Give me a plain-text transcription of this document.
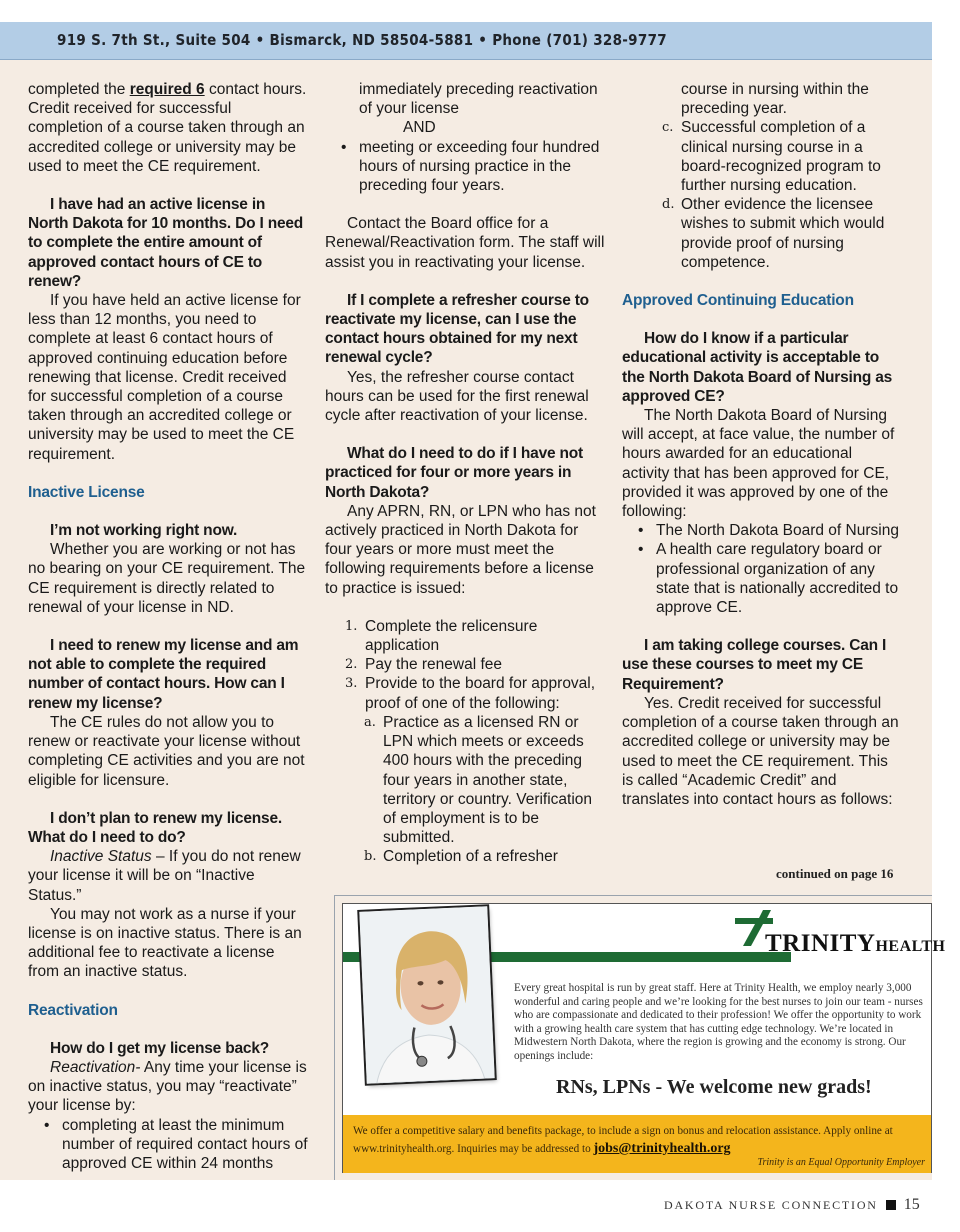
919 S. 7th St., Suite 504 • Bismarck, ND 58504-5881 • Phone (701) 328-9777

completed the required 6 contact hours. Credit received for successful completion of a course taken through an accredited college or university may be used to meet the CE requirement.

I have had an active license in North Dakota for 10 months. Do I need to complete the entire amount of approved contact hours of CE to renew?

If you have held an active license for less than 12 months, you need to complete at least 6 contact hours of approved continuing education before renewing that license. Credit received for successful completion of a course taken through an accredited college or university may be used to meet the CE requirement.

Inactive License

I’m not working right now.

Whether you are working or not has no bearing on your CE requirement. The CE requirement is directly related to renewal of your license in ND.

I need to renew my license and am not able to complete the required number of contact hours. How can I renew my license?

The CE rules do not allow you to renew or reactivate your license without completing CE activities and you are not eligible for licensure.

I don’t plan to renew my license. What do I need to do?

Inactive Status – If you do not renew your license it will be on “Inactive Status.”

You may not work as a nurse if your license is on inactive status. There is an additional fee to reactivate a license from an inactive status.

Reactivation

How do I get my license back?

Reactivation- Any time your license is on inactive status, you may “reactivate” your license by:

• completing at least the minimum number of required contact hours of approved CE within 24 months

immediately preceding reactivation of your license

AND

• meeting or exceeding four hundred hours of nursing practice in the preceding four years.

Contact the Board office for a Renewal/Reactivation form. The staff will assist you in reactivating your license.

If I complete a refresher course to reactivate my license, can I use the contact hours obtained for my next renewal cycle?

Yes, the refresher course contact hours can be used for the first renewal cycle after reactivation of your license.

What do I need to do if I have not practiced for four or more years in North Dakota?

Any APRN, RN, or LPN who has not actively practiced in North Dakota for four years or more must meet the following requirements before a license to practice is issued:

1. Complete the relicensure application
2. Pay the renewal fee
3. Provide to the board for approval, proof of one of the following:
a. Practice as a licensed RN or LPN which meets or exceeds 400 hours with the preceding four years in another state, territory or country. Verification of employment is to be submitted.
b. Completion of a refresher

course in nursing within the preceding year.

c. Successful completion of a clinical nursing course in a board-recognized program to further nursing education.
d. Other evidence the licensee wishes to submit which would provide proof of nursing competence.

Approved Continuing Education

How do I know if a particular educational activity is acceptable to the North Dakota Board of Nursing as approved CE?

The North Dakota Board of Nursing will accept, at face value, the number of hours awarded for an educational activity that has been approved for CE, provided it was approved by one of the following:

• The North Dakota Board of Nursing
• A health care regulatory board or professional organization of any state that is nationally accredited to approve CE.

I am taking college courses. Can I use these courses to meet my CE Requirement?

Yes. Credit received for successful completion of a course taken through an accredited college or university may be used to meet the CE requirement. This is called “Academic Credit” and translates into contact hours as follows:

continued on page 16
TRINITYHEALTH
Every great hospital is run by great staff. Here at Trinity Health, we employ nearly 3,000 wonderful and caring people and we’re looking for the best nurses to join our team - nurses who are compassionate and dedicated to their profession! We offer the opportunity to work with a growing health care system that has cutting edge technology. We’re located in Midwestern North Dakota, where the region is growing and the economy is strong. Our openings include:
RNs, LPNs - We welcome new grads!
We offer a competitive salary and benefits package, to include a sign on bonus and relocation assistance. Apply online at www.trinityhealth.org. Inquiries may be addressed to jobs@trinityhealth.org
Trinity is an Equal Opportunity Employer
DAKOTA NURSE CONNECTION 15
